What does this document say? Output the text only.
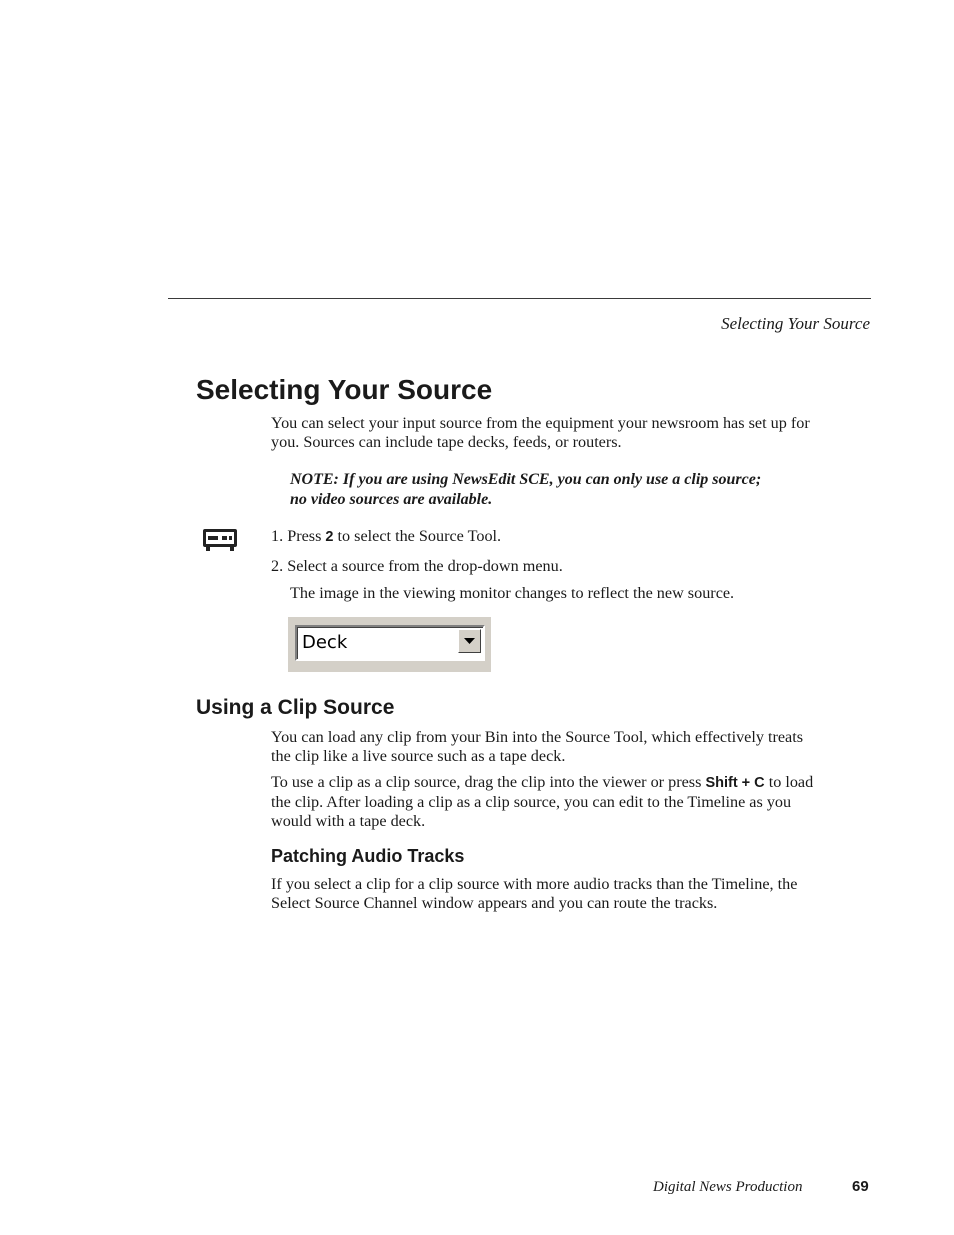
Selecting Your Source
Selecting Your Source

You can select your input source from the equipment your newsroom has set up for you. Sources can include tape decks, feeds, or routers.

NOTE: If you are using NewsEdit SCE, you can only use a clip source; no video sources are available.

1. Press 2 to select the Source Tool.

2. Select a source from the drop-down menu.

The image in the viewing monitor changes to reflect the new source.

Deck
Using a Clip Source

You can load any clip from your Bin into the Source Tool, which effectively treats the clip like a live source such as a tape deck.

To use a clip as a clip source, drag the clip into the viewer or press Shift + C to load the clip. After loading a clip as a clip source, you can edit to the Timeline as you would with a tape deck.

Patching Audio Tracks

If you select a clip for a clip source with more audio tracks than the Timeline, the Select Source Channel window appears and you can route the tracks.

Digital News Production	69
